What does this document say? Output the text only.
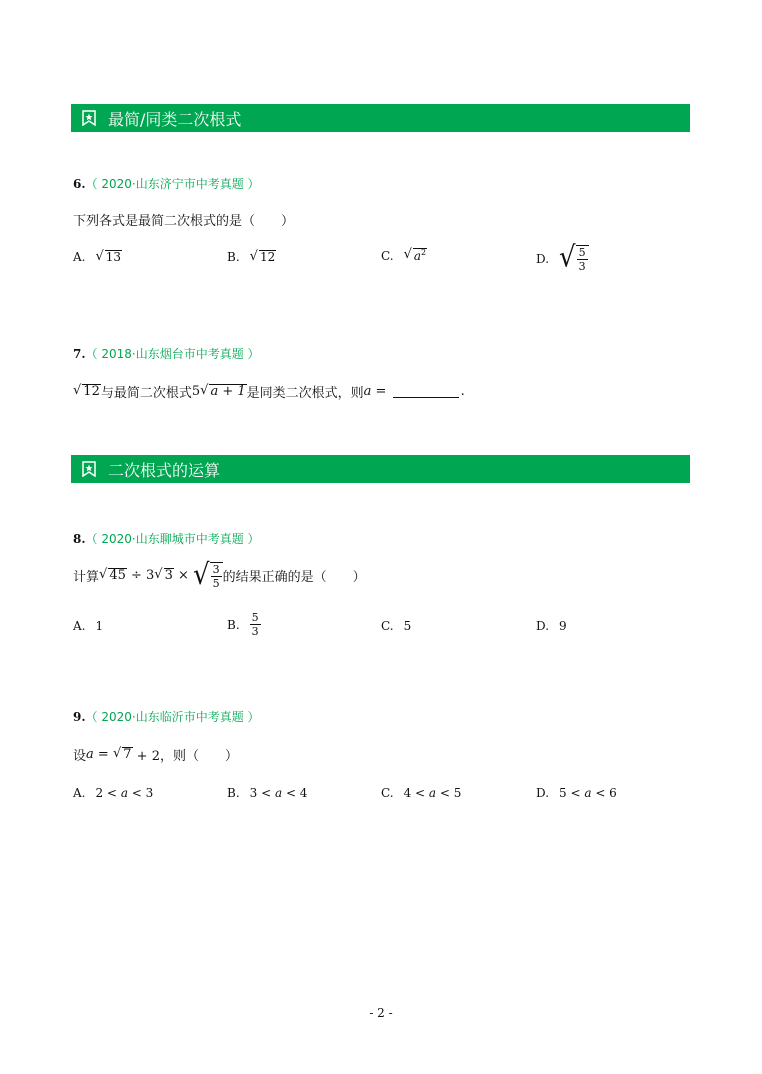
最简/同类二次根式
6.（ 2020·山东济宁市中考真题 ）
下列各式是最简二次根式的是（　　）
A. √ 13	B. √ 12	C. √ $a^2$	D. √ $\frac{5}{3}$
7.（ 2018·山东烟台市中考真题 ）
√ 12 与最简二次根式 5 √ a + 1 是同类二次根式，则 a =	.
二次根式的运算
8.（ 2020·山东聊城市中考真题 ）
计算 √ 45 ÷ 3 √ 3 × √ $\frac{3}{5}$ 的结果正确的是（　　）
A. 1	B. $\frac{5}{3}$	C. 5	D. 9
9.（ 2020·山东临沂市中考真题 ）
设 a = √ 7 + 2， 则（　　）
A. 2 < a < 3	B. 3 < a < 4	C. 4 < a < 5	D. 5 < a < 6
- 2 -
